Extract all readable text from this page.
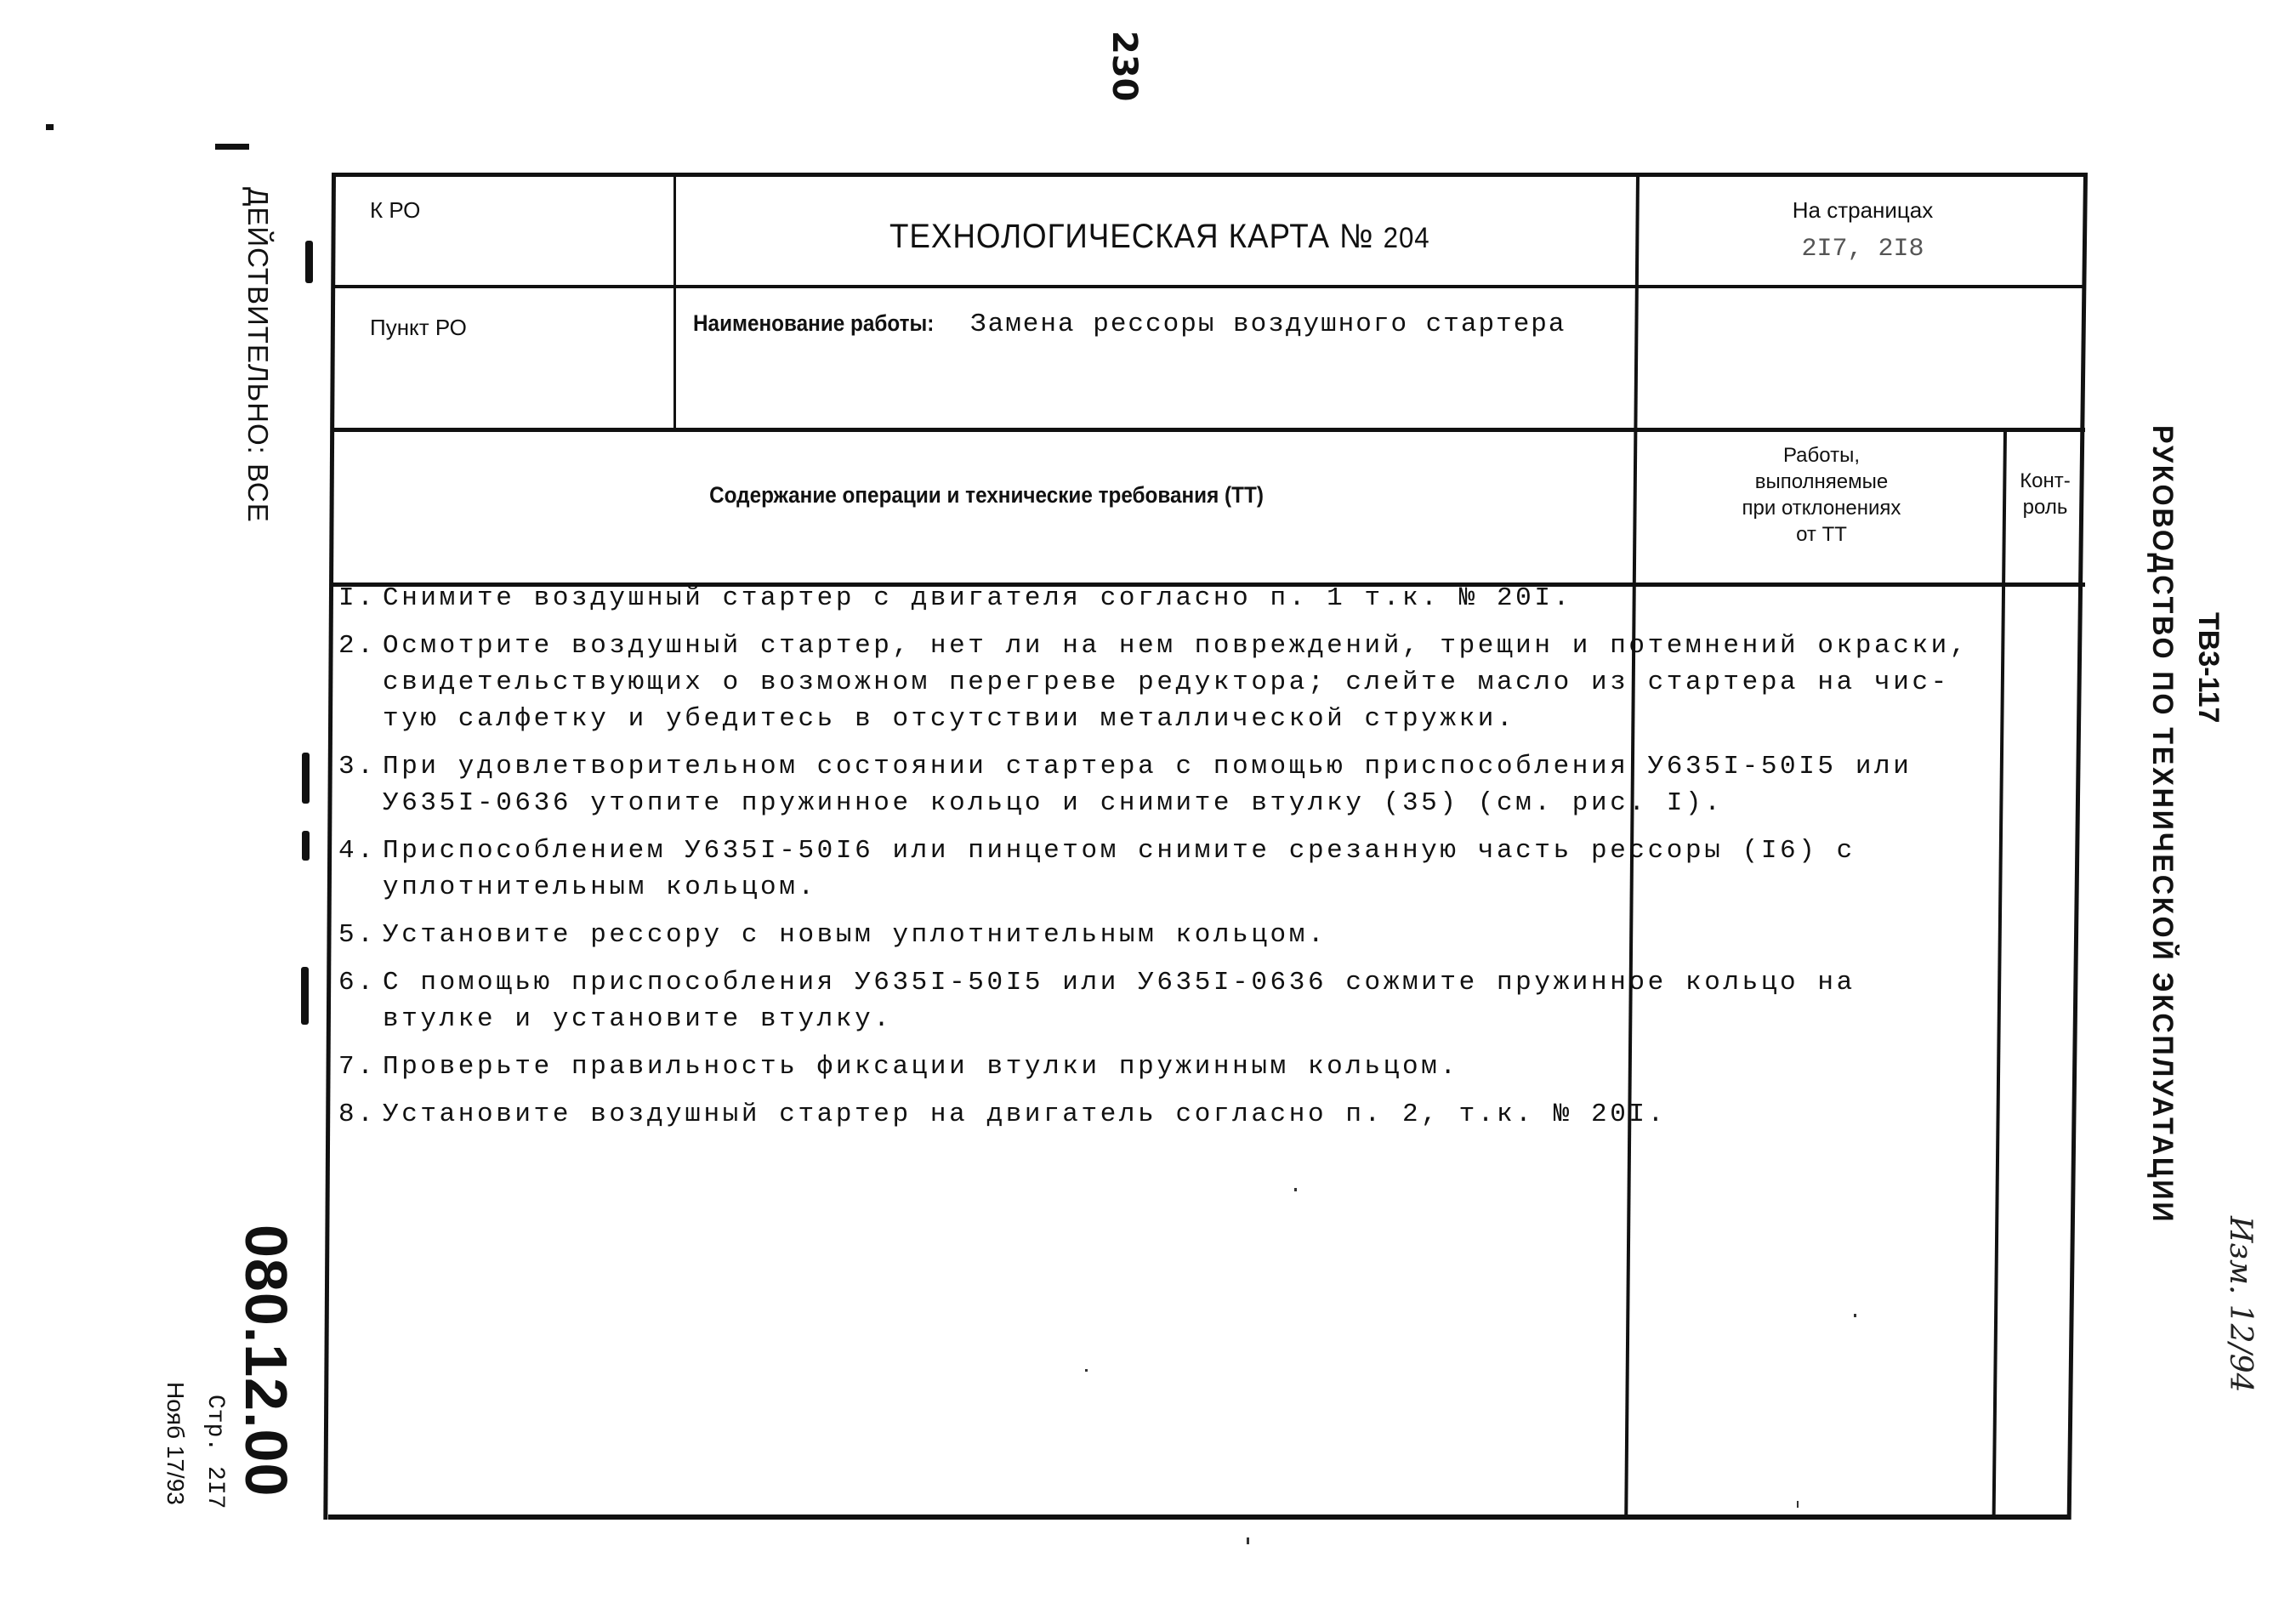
230
ДЕЙСТВИТЕЛЬНО: ВСЕ
080.12.00
Стр. 2I7
Нояб 17/93
РУКОВОДСТВО ПО ТЕХНИЧЕСКОЙ ЭКСПЛУАТАЦИИ ТВ3-117
Изм. 12/94
К РО
ТЕХНОЛОГИЧЕСКАЯ КАРТА № 204
На страницах
2I7, 2I8
Пункт РО	Наименование работы:	Замена рессоры воздушного стартера
Содержание операции и технические требования (ТТ)
Работы,
выполняемые
при отклонениях
от ТТ
Конт-
роль
I. Снимите воздушный стартер с двигателя согласно п. 1 т.к. № 20I.
2. Осмотрите воздушный стартер, нет ли на нем повреждений, трещин и потемнений окраски,
свидетельствующих о возможном перегреве редуктора; слейте масло из стартера на чис-
тую салфетку и убедитесь в отсутствии металлической стружки.
3. При удовлетворительном состоянии стартера с помощью приспособления У635I-50I5 или
У635I-0636 утопите пружинное кольцо и снимите втулку (35) (см. рис. I).
4. Приспособлением У635I-50I6 или пинцетом снимите срезанную часть рессоры (I6) с
уплотнительным кольцом.
5. Установите рессору с новым уплотнительным кольцом.
6. С помощью приспособления У635I-50I5 или У635I-0636 сожмите пружинное кольцо на
втулке и установите втулку.
7. Проверьте правильность фиксации втулки пружинным кольцом.
8. Установите воздушный стартер на двигатель согласно п. 2, т.к. № 20I.
